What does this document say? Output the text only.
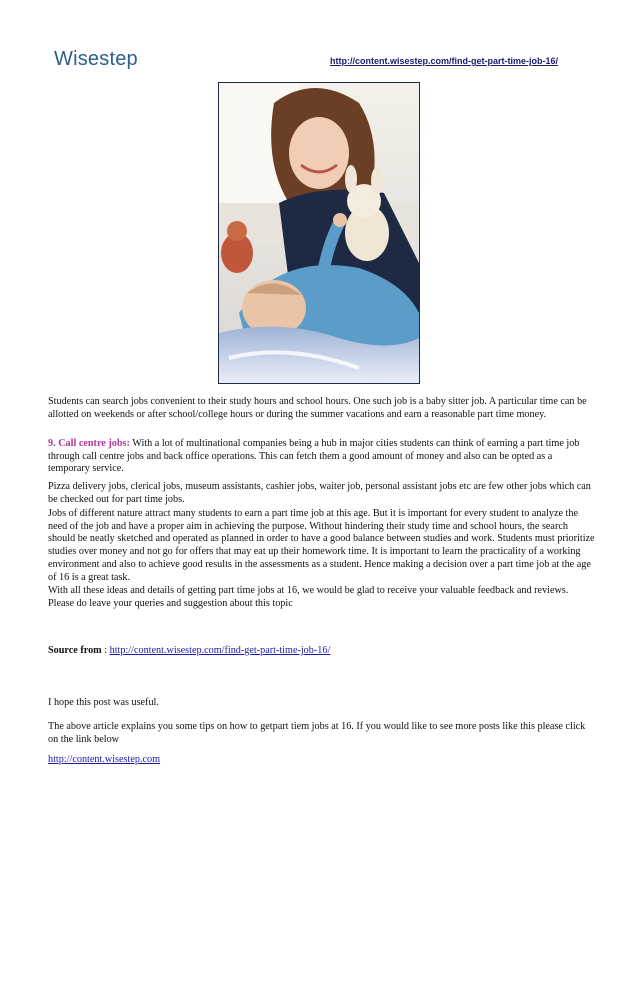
Wisestep	http://content.wisestep.com/find-get-part-time-job-16/
Students can search jobs convenient to their study hours and school hours. One such job is a baby sitter job. A particular time can be allotted on weekends or after school/college hours or during the summer vacations and earn a reasonable part time money.
9. Call centre jobs: With a lot of multinational companies being a hub in major cities students can think of earning a part time job through call centre jobs and back office operations. This can fetch them a good amount of money and also can be opted as a temporary service.
Pizza delivery jobs, clerical jobs, museum assistants, cashier jobs, waiter job, personal assistant jobs etc are few other jobs which can be checked out for part time jobs.
Jobs of different nature attract many students to earn a part time job at this age. But it is important for every student to analyze the need of the job and have a proper aim in achieving the purpose. Without hindering their study time and school hours, the search should be neatly sketched and operated as planned in order to have a good balance between studies and work. Students must prioritize studies over money and not go for offers that may eat up their homework time. It is important to learn the practicality of a working environment and also to achieve good results in the assessments as a student. Hence making a decision over a part time job at the age of 16 is a great task.
With all these ideas and details of getting part time jobs at 16, we would be glad to receive your valuable feedback and reviews. Please do leave your queries and suggestion about this topic
Source from : http://content.wisestep.com/find-get-part-time-job-16/
I hope this post was useful.
The above article explains you some tips on how to getpart tiem jobs at 16. If you would like to see more posts like this please click on the link below
http://content.wisestep.com
